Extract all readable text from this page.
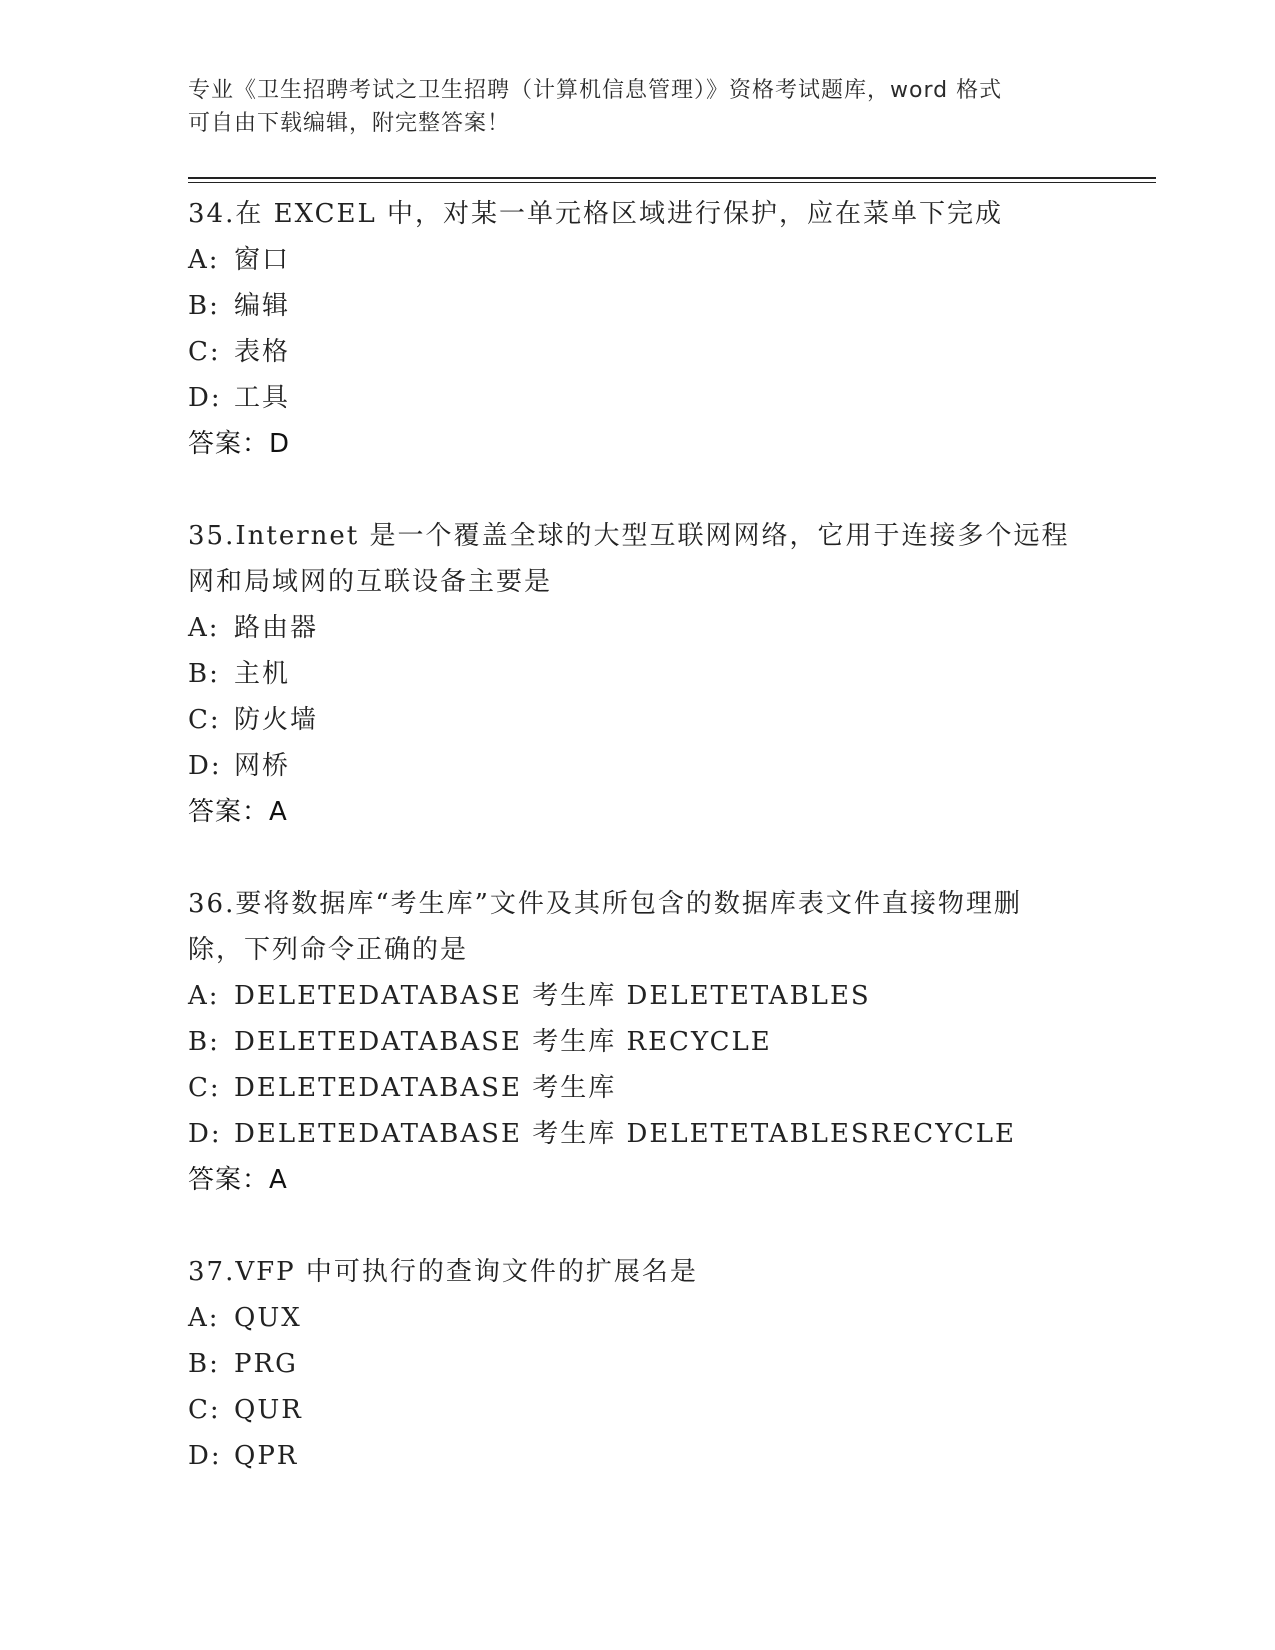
专业《卫生招聘考试之卫生招聘（计算机信息管理）》资格考试题库，word 格式
可自由下载编辑，附完整答案！
34.在 EXCEL 中，对某一单元格区域进行保护，应在菜单下完成
A: 窗口
B: 编辑
C: 表格
D: 工具
答案：D
35.Internet 是一个覆盖全球的大型互联网网络，它用于连接多个远程
网和局域网的互联设备主要是
A: 路由器
B: 主机
C: 防火墙
D: 网桥
答案：A
36.要将数据库“考生库”文件及其所包含的数据库表文件直接物理删
除，下列命令正确的是
A: DELETEDATABASE 考生库 DELETETABLES
B: DELETEDATABASE 考生库 RECYCLE
C: DELETEDATABASE 考生库
D: DELETEDATABASE 考生库 DELETETABLESRECYCLE
答案：A
37.VFP 中可执行的查询文件的扩展名是
A: QUX
B: PRG
C: QUR
D: QPR
